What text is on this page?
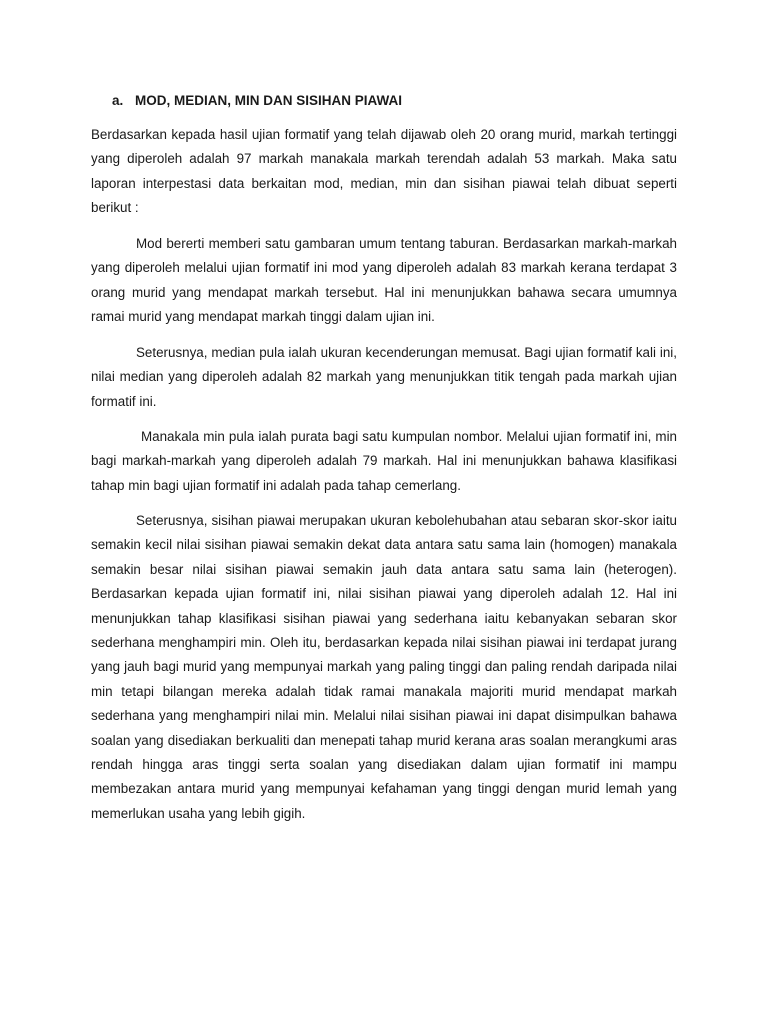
a. MOD, MEDIAN, MIN DAN SISIHAN PIAWAI

Berdasarkan kepada hasil ujian formatif yang telah dijawab oleh 20 orang murid, markah tertinggi yang diperoleh adalah 97 markah manakala markah terendah adalah 53 markah. Maka satu laporan interpestasi data berkaitan mod, median, min dan sisihan piawai telah dibuat seperti berikut :

Mod bererti memberi satu gambaran umum tentang taburan. Berdasarkan markah-markah yang diperoleh melalui ujian formatif ini mod yang diperoleh adalah 83 markah kerana terdapat 3 orang murid yang mendapat markah tersebut. Hal ini menunjukkan bahawa secara umumnya ramai murid yang mendapat markah tinggi dalam ujian ini.

Seterusnya, median pula ialah ukuran kecenderungan memusat. Bagi ujian formatif kali ini, nilai median yang diperoleh adalah 82 markah yang menunjukkan titik tengah pada markah ujian formatif ini.

Manakala min pula ialah purata bagi satu kumpulan nombor. Melalui ujian formatif ini, min bagi markah-markah yang diperoleh adalah 79 markah. Hal ini menunjukkan bahawa klasifikasi tahap min bagi ujian formatif ini adalah pada tahap cemerlang.

Seterusnya, sisihan piawai merupakan ukuran kebolehubahan atau sebaran skor-skor iaitu semakin kecil nilai sisihan piawai semakin dekat data antara satu sama lain (homogen) manakala semakin besar nilai sisihan piawai semakin jauh data antara satu sama lain (heterogen). Berdasarkan kepada ujian formatif ini, nilai sisihan piawai yang diperoleh adalah 12. Hal ini menunjukkan tahap klasifikasi sisihan piawai yang sederhana iaitu kebanyakan sebaran skor sederhana menghampiri min. Oleh itu, berdasarkan kepada nilai sisihan piawai ini terdapat jurang yang jauh bagi murid yang mempunyai markah yang paling tinggi dan paling rendah daripada nilai min tetapi bilangan mereka adalah tidak ramai manakala majoriti murid mendapat markah sederhana yang menghampiri nilai min. Melalui nilai sisihan piawai ini dapat disimpulkan bahawa soalan yang disediakan berkualiti dan menepati tahap murid kerana aras soalan merangkumi aras rendah hingga aras tinggi serta soalan yang disediakan dalam ujian formatif ini mampu membezakan antara murid yang mempunyai kefahaman yang tinggi dengan murid lemah yang memerlukan usaha yang lebih gigih.
